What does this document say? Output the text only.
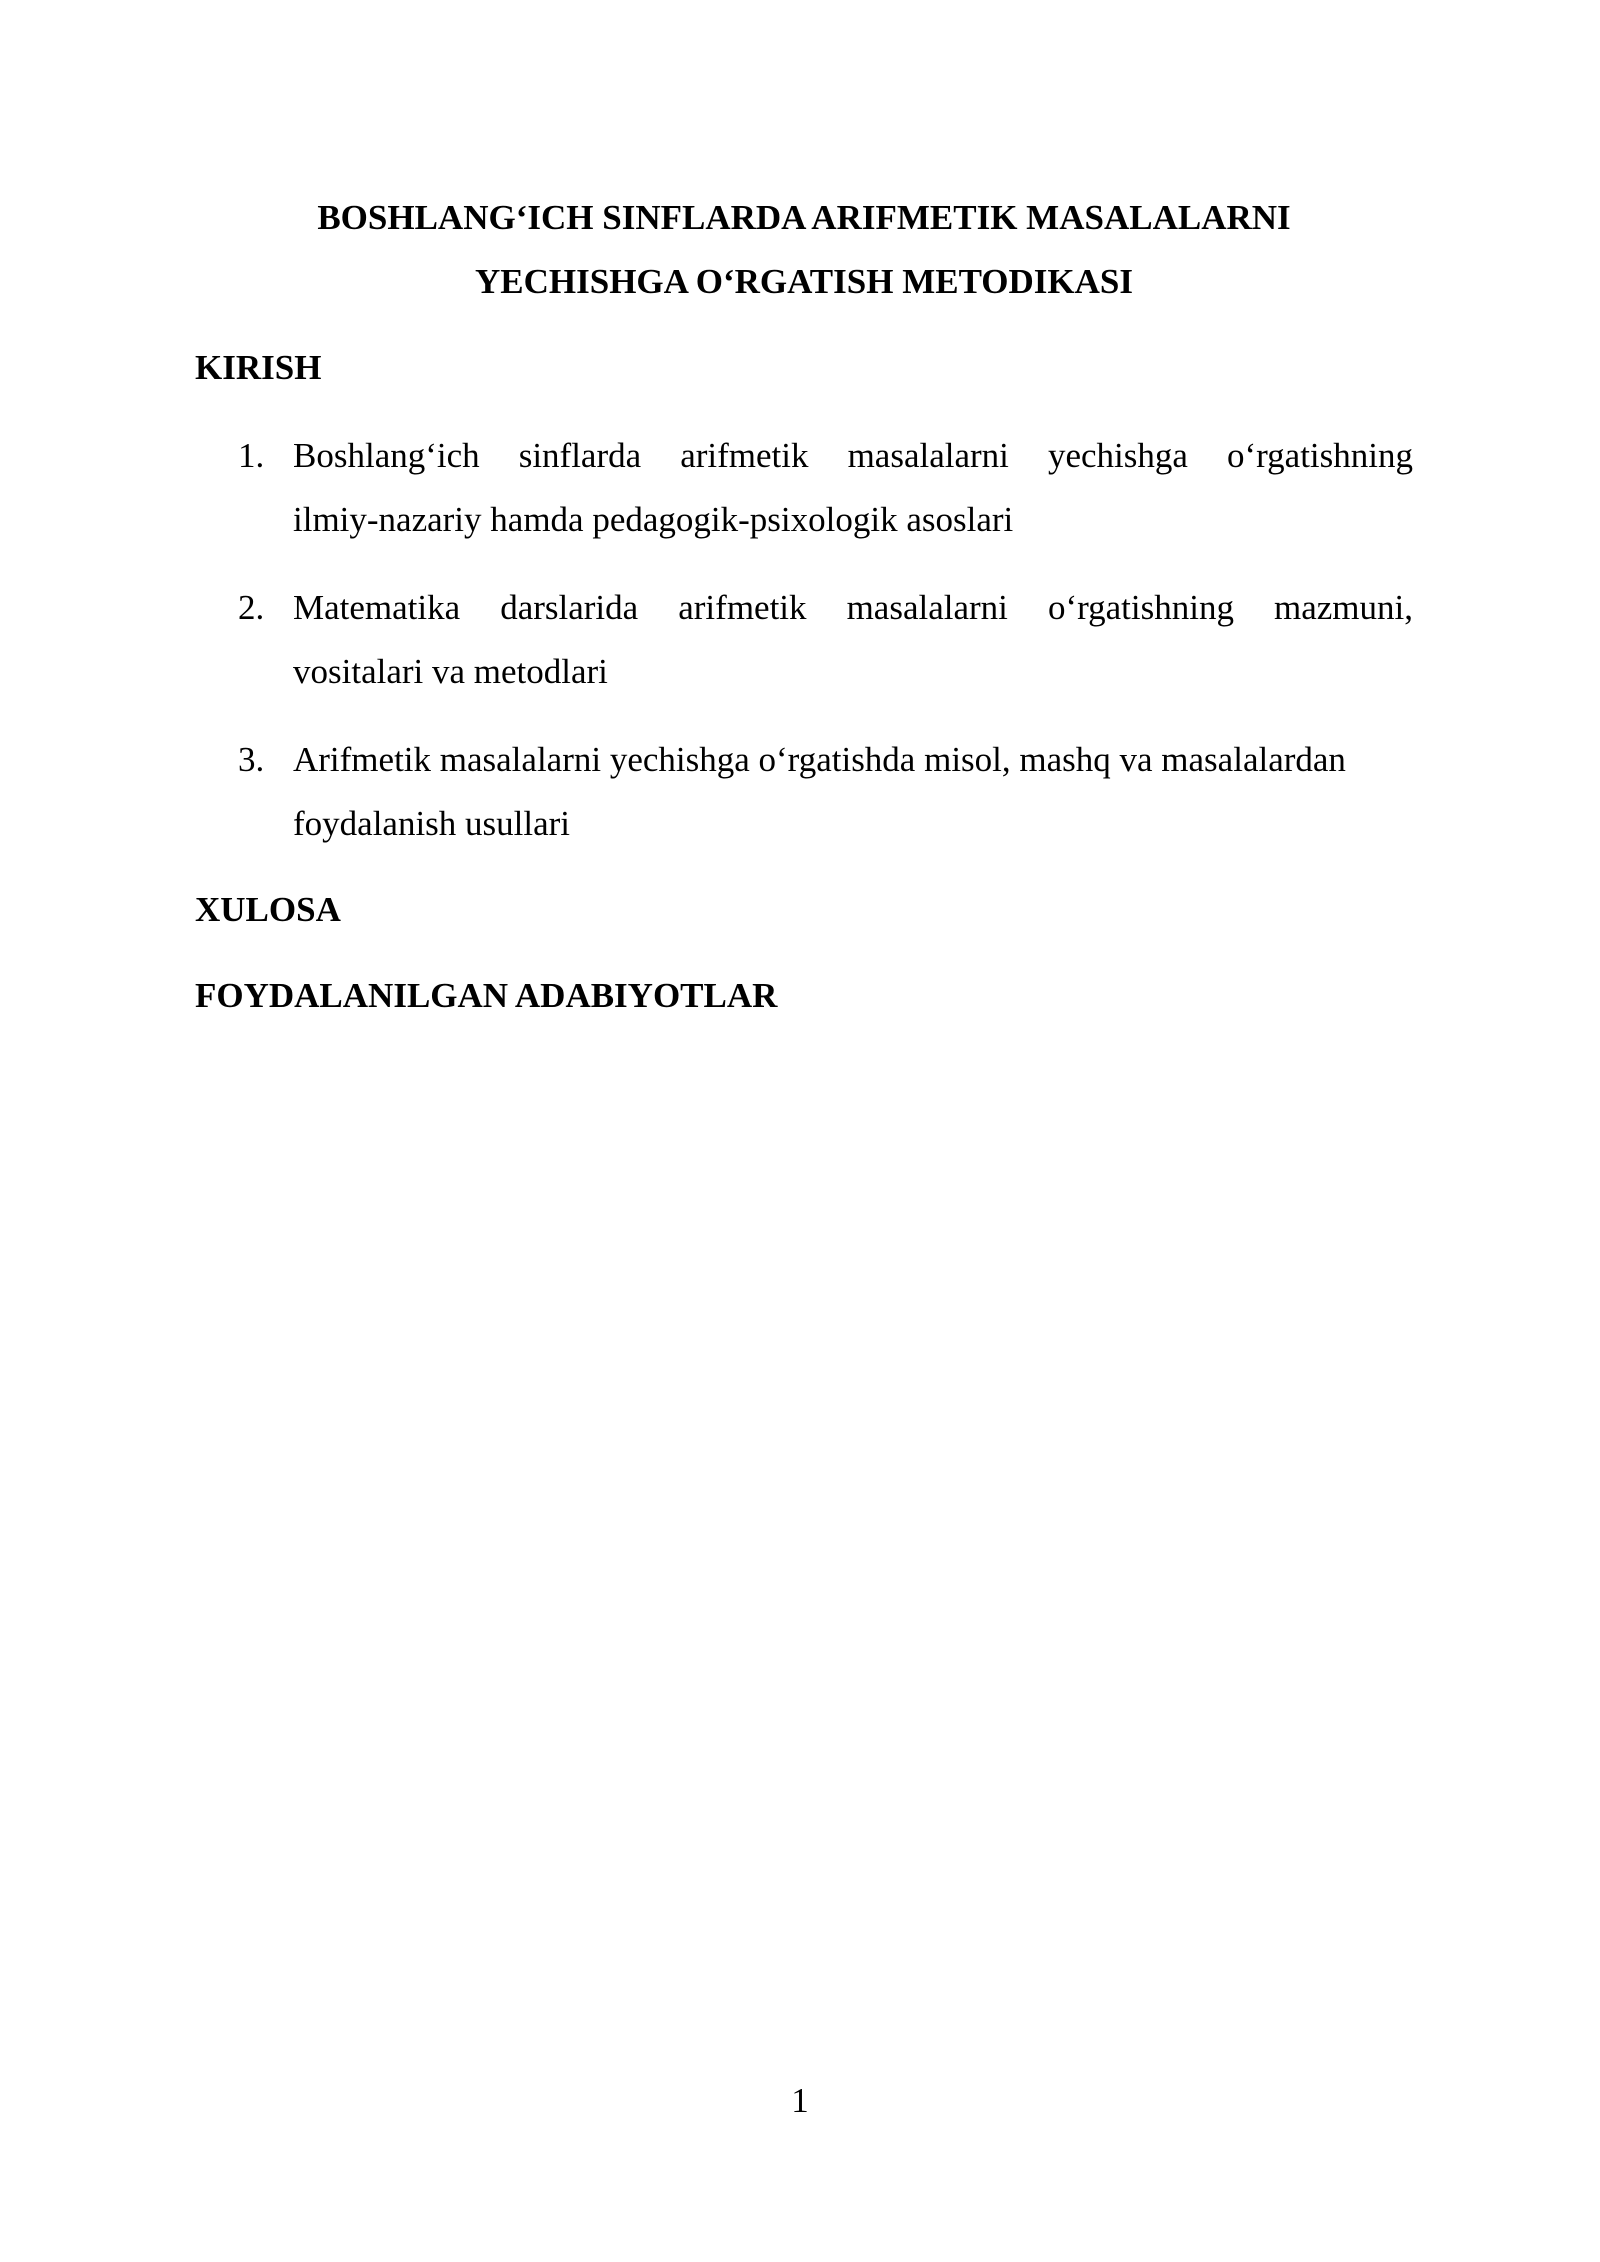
BOSHLANG‘ICH SINFLARDA ARIFMETIK MASALALARNI
YECHISHGA O‘RGATISH METODIKASI
KIRISH
1. Boshlang‘ich sinflarda arifmetik masalalarni yechishga o‘rgatishning
ilmiy-nazariy hamda pedagogik-psixologik asoslari
2. Matematika darslarida arifmetik masalalarni o‘rgatishning mazmuni,
vositalari va metodlari
3. Arifmetik masalalarni yechishga o‘rgatishda misol, mashq va masalalardan
foydalanish usullari
XULOSA
FOYDALANILGAN ADABIYOTLAR
1
